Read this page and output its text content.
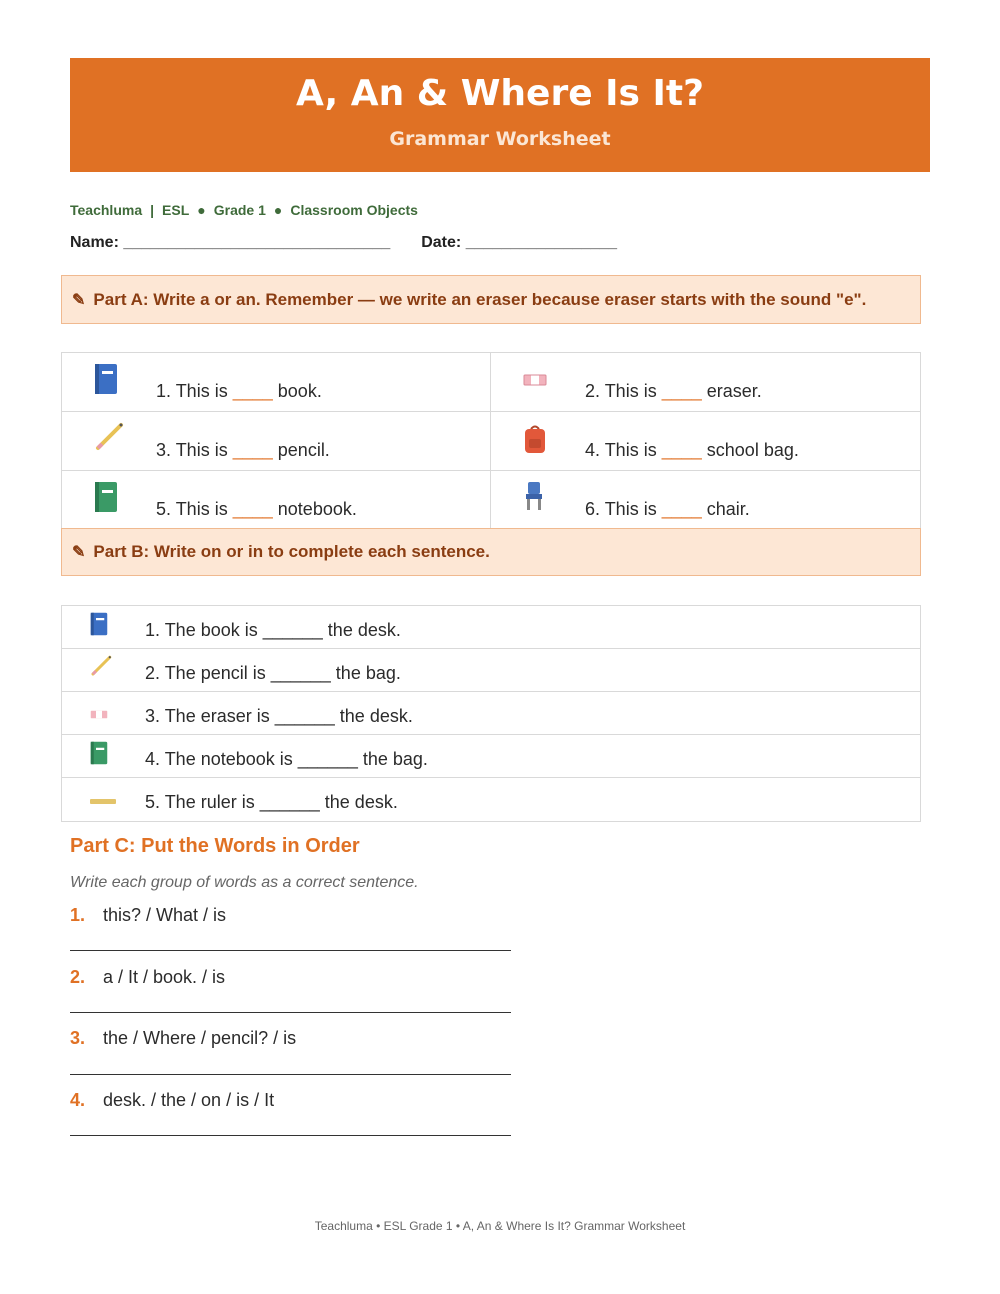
A, An & Where Is It?
Grammar Worksheet
Teachluma | ESL ● Grade 1 ● Classroom Objects
Name: ______________________________ Date: _________________
✎ Part A: Write a or an. Remember — we write an eraser because eraser starts with the sound "e".
1. This is ____ book.	2. This is ____ eraser.
3. This is ____ pencil.	4. This is ____ school bag.
5. This is ____ notebook.	6. This is ____ chair.
✎ Part B: Write on or in to complete each sentence.
1. The book is ______ the desk.
2. The pencil is ______ the bag.
3. The eraser is ______ the desk.
4. The notebook is ______ the bag.
5. The ruler is ______ the desk.
Part C: Put the Words in Order
Write each group of words as a correct sentence.
1. this? / What / is
2. a / It / book. / is
3. the / Where / pencil? / is
4. desk. / the / on / is / It
Teachluma • ESL Grade 1 • A, An & Where Is It? Grammar Worksheet
